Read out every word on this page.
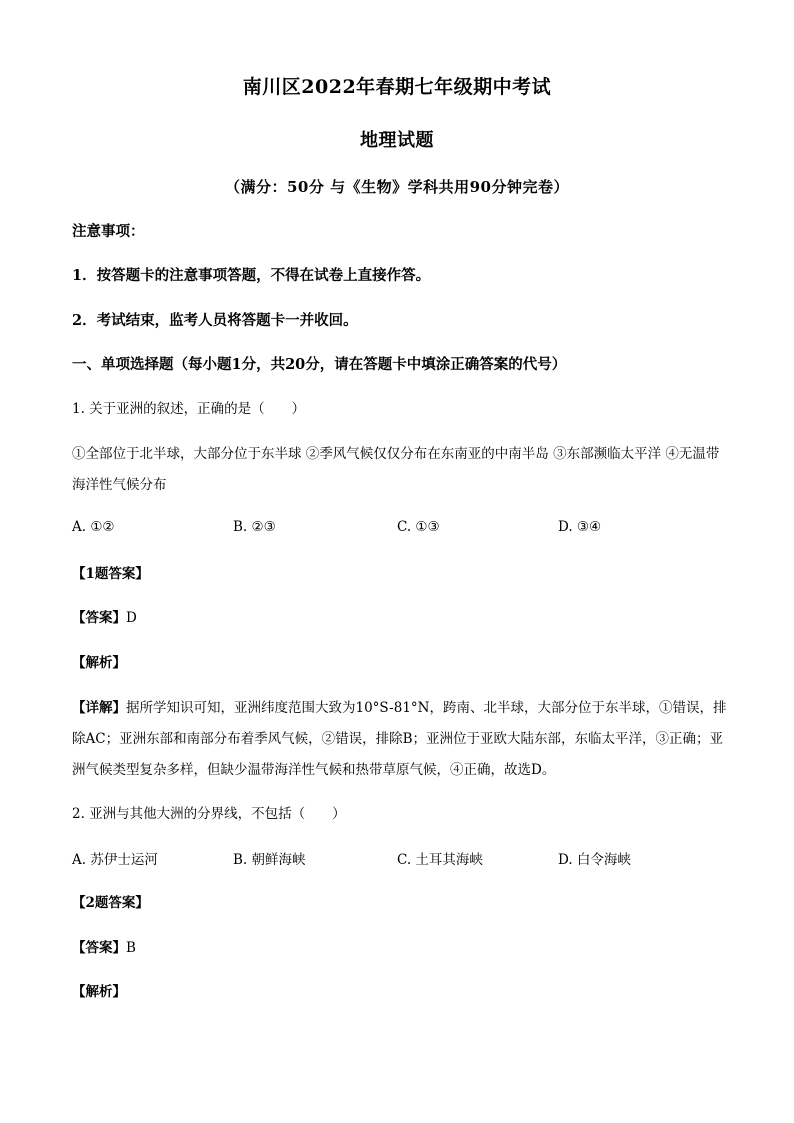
南川区2022年春期七年级期中考试
地理试题
（满分：50分 与《生物》学科共用90分钟完卷）
注意事项：
1．按答题卡的注意事项答题，不得在试卷上直接作答。
2．考试结束，监考人员将答题卡一并收回。
一、单项选择题（每小题1分，共20分，请在答题卡中填涂正确答案的代号）
1. 关于亚洲的叙述，正确的是（　　）
①全部位于北半球，大部分位于东半球 ②季风气候仅仅分布在东南亚的中南半岛 ③东部濒临太平洋 ④无温带海洋性气候分布
A. ①②	B. ②③	C. ①③	D. ③④
【1题答案】
【答案】D
【解析】
【详解】据所学知识可知，亚洲纬度范围大致为10°S-81°N，跨南、北半球，大部分位于东半球，①错误，排除AC；亚洲东部和南部分布着季风气候，②错误，排除B；亚洲位于亚欧大陆东部，东临太平洋，③正确；亚洲气候类型复杂多样，但缺少温带海洋性气候和热带草原气候，④正确，故选D。
2. 亚洲与其他大洲的分界线，不包括（　　）
A. 苏伊士运河	B. 朝鲜海峡	C. 土耳其海峡	D. 白令海峡
【2题答案】
【答案】B
【解析】
